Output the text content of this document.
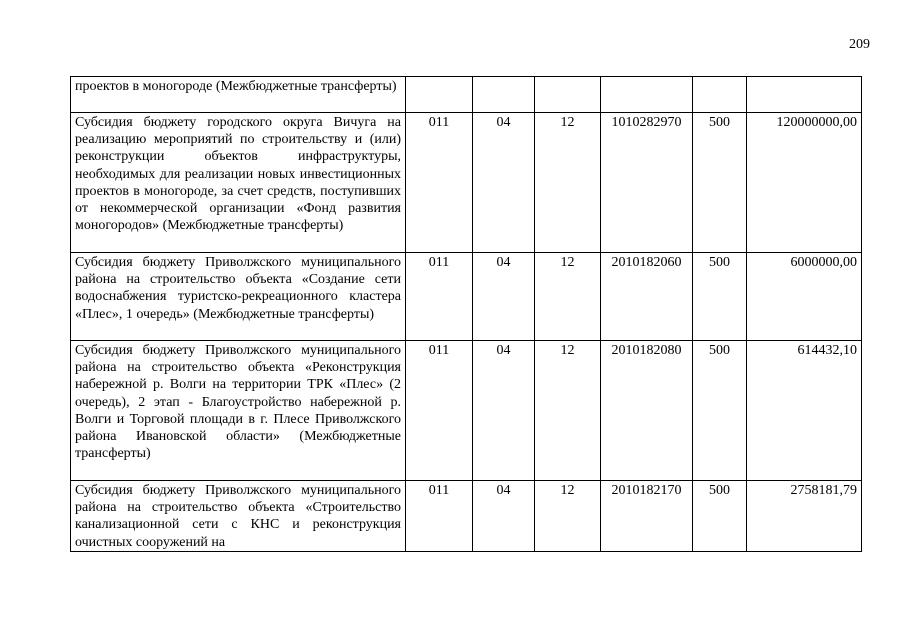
209
проектов в моногороде (Межбюджетные трансферты)						
Субсидия бюджету городского округа Вичуга на реализацию мероприятий по строительству и (или) реконструкции объектов инфраструктуры, необходимых для реализации новых инвестиционных проектов в моногороде, за счет средств, поступивших от некоммерческой организации «Фонд развития моногородов» (Межбюджетные трансферты)	011	04	12	1010282970	500	120000000,00
Субсидия бюджету Приволжского муниципального района на строительство объекта «Создание сети водоснабжения туристско-рекреационного кластера «Плес», 1 очередь» (Межбюджетные трансферты)	011	04	12	2010182060	500	6000000,00
Субсидия бюджету Приволжского муниципального района на строительство объекта «Реконструкция набережной р. Волги на территории ТРК «Плес» (2 очередь), 2 этап - Благоустройство набережной р. Волги и Торговой площади в г. Плесе Приволжского района Ивановской области» (Межбюджетные трансферты)	011	04	12	2010182080	500	614432,10
Субсидия бюджету Приволжского муниципального района на строительство объекта «Строительство канализационной сети с КНС и реконструкция очистных сооружений на	011	04	12	2010182170	500	2758181,79
